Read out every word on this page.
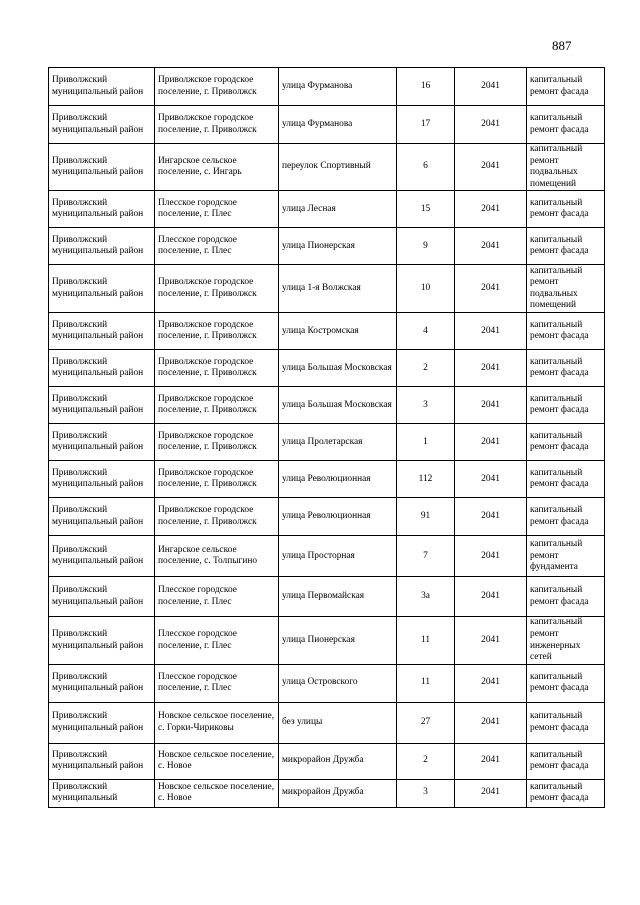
887
Приволжский муниципальный район	Приволжское городское поселение, г. Приволжск	улица Фурманова	16	2041	капитальный ремонт фасада
Приволжский муниципальный район	Приволжское городское поселение, г. Приволжск	улица Фурманова	17	2041	капитальный ремонт фасада
Приволжский муниципальный район	Ингарское сельское поселение, с. Ингарь	переулок Спортивный	6	2041	капитальный ремонт подвальных помещений
Приволжский муниципальный район	Плесское городское поселение, г. Плес	улица Лесная	15	2041	капитальный ремонт фасада
Приволжский муниципальный район	Плесское городское поселение, г. Плес	улица Пионерская	9	2041	капитальный ремонт фасада
Приволжский муниципальный район	Приволжское городское поселение, г. Приволжск	улица 1-я Волжская	10	2041	капитальный ремонт подвальных помещений
Приволжский муниципальный район	Приволжское городское поселение, г. Приволжск	улица Костромская	4	2041	капитальный ремонт фасада
Приволжский муниципальный район	Приволжское городское поселение, г. Приволжск	улица Большая Московская	2	2041	капитальный ремонт фасада
Приволжский муниципальный район	Приволжское городское поселение, г. Приволжск	улица Большая Московская	3	2041	капитальный ремонт фасада
Приволжский муниципальный район	Приволжское городское поселение, г. Приволжск	улица Пролетарская	1	2041	капитальный ремонт фасада
Приволжский муниципальный район	Приволжское городское поселение, г. Приволжск	улица Революционная	112	2041	капитальный ремонт фасада
Приволжский муниципальный район	Приволжское городское поселение, г. Приволжск	улица Революционная	91	2041	капитальный ремонт фасада
Приволжский муниципальный район	Ингарское сельское поселение, с. Толпыгино	улица Просторная	7	2041	капитальный ремонт фундамента
Приволжский муниципальный район	Плесское городское поселение, г. Плес	улица Первомайская	3а	2041	капитальный ремонт фасада
Приволжский муниципальный район	Плесское городское поселение, г. Плес	улица Пионерская	11	2041	капитальный ремонт инженерных сетей
Приволжский муниципальный район	Плесское городское поселение, г. Плес	улица Островского	11	2041	капитальный ремонт фасада
Приволжский муниципальный район	Новское сельское поселение, с. Горки-Чириковы	без улицы	27	2041	капитальный ремонт фасада
Приволжский муниципальный район	Новское сельское поселение, с. Новое	микрорайон Дружба	2	2041	капитальный ремонт фасада
Приволжский муниципальный	Новское сельское поселение, с. Новое	микрорайон Дружба	3	2041	капитальный ремонт фасада
